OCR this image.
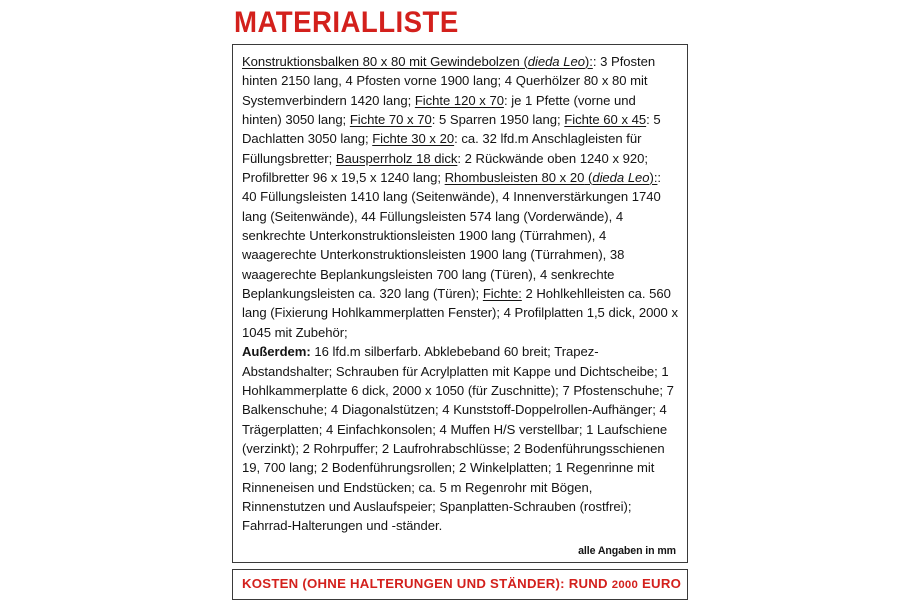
MATERIALLISTE

Konstruktionsbalken 80 x 80 mit Gewindebolzen (dieda Leo):: 3 Pfosten hinten 2150 lang, 4 Pfosten vorne 1900 lang; 4 Querhölzer 80 x 80 mit Systemverbindern 1420 lang; Fichte 120 x 70: je 1 Pfette (vorne und hinten) 3050 lang; Fichte 70 x 70: 5 Sparren 1950 lang; Fichte 60 x 45: 5 Dachlatten 3050 lang; Fichte 30 x 20: ca. 32 lfd.m Anschlagleisten für Füllungsbretter; Bausperrholz 18 dick: 2 Rückwände oben 1240 x 920; Profilbretter 96 x 19,5 x 1240 lang; Rhombusleisten 80 x 20 (dieda Leo):: 40 Füllungsleisten 1410 lang (Seitenwände), 4 Innenverstärkungen 1740 lang (Seitenwände), 44 Füllungsleisten 574 lang (Vorderwände), 4 senkrechte Unterkonstruktionsleisten 1900 lang (Türrahmen), 4 waagerechte Unterkonstruktionsleisten 1900 lang (Türrahmen), 38 waagerechte Beplankungsleisten 700 lang (Türen), 4 senkrechte Beplankungsleisten ca. 320 lang (Türen); Fichte: 2 Hohlkehlleisten ca. 560 lang (Fixierung Hohlkammerplatten Fenster); 4 Profilplatten 1,5 dick, 2000 x 1045 mit Zubehör;

Außerdem: 16 lfd.m silberfarb. Abklebeband 60 breit; Trapez-Abstandshalter; Schrauben für Acrylplatten mit Kappe und Dichtscheibe; 1 Hohlkammerplatte 6 dick, 2000 x 1050 (für Zuschnitte); 7 Pfostenschuhe; 7 Balkenschuhe; 4 Diagonalstützen; 4 Kunststoff-Doppelrollen-Aufhänger; 4 Trägerplatten; 4 Einfachkonsolen; 4 Muffen H/S verstellbar; 1 Laufschiene (verzinkt); 2 Rohrpuffer; 2 Laufrohrabschlüsse; 2 Bodenführungsschienen 19, 700 lang; 2 Bodenführungsrollen; 2 Winkelplatten; 1 Regenrinne mit Rinneneisen und Endstücken; ca. 5 m Regenrohr mit Bögen, Rinnenstutzen und Auslaufspeier; Spanplatten-Schrauben (rostfrei); Fahrrad-Halterungen und -ständer.

alle Angaben in mm
KOSTEN (OHNE HALTERUNGEN UND STÄNDER): RUND 2000 EURO
